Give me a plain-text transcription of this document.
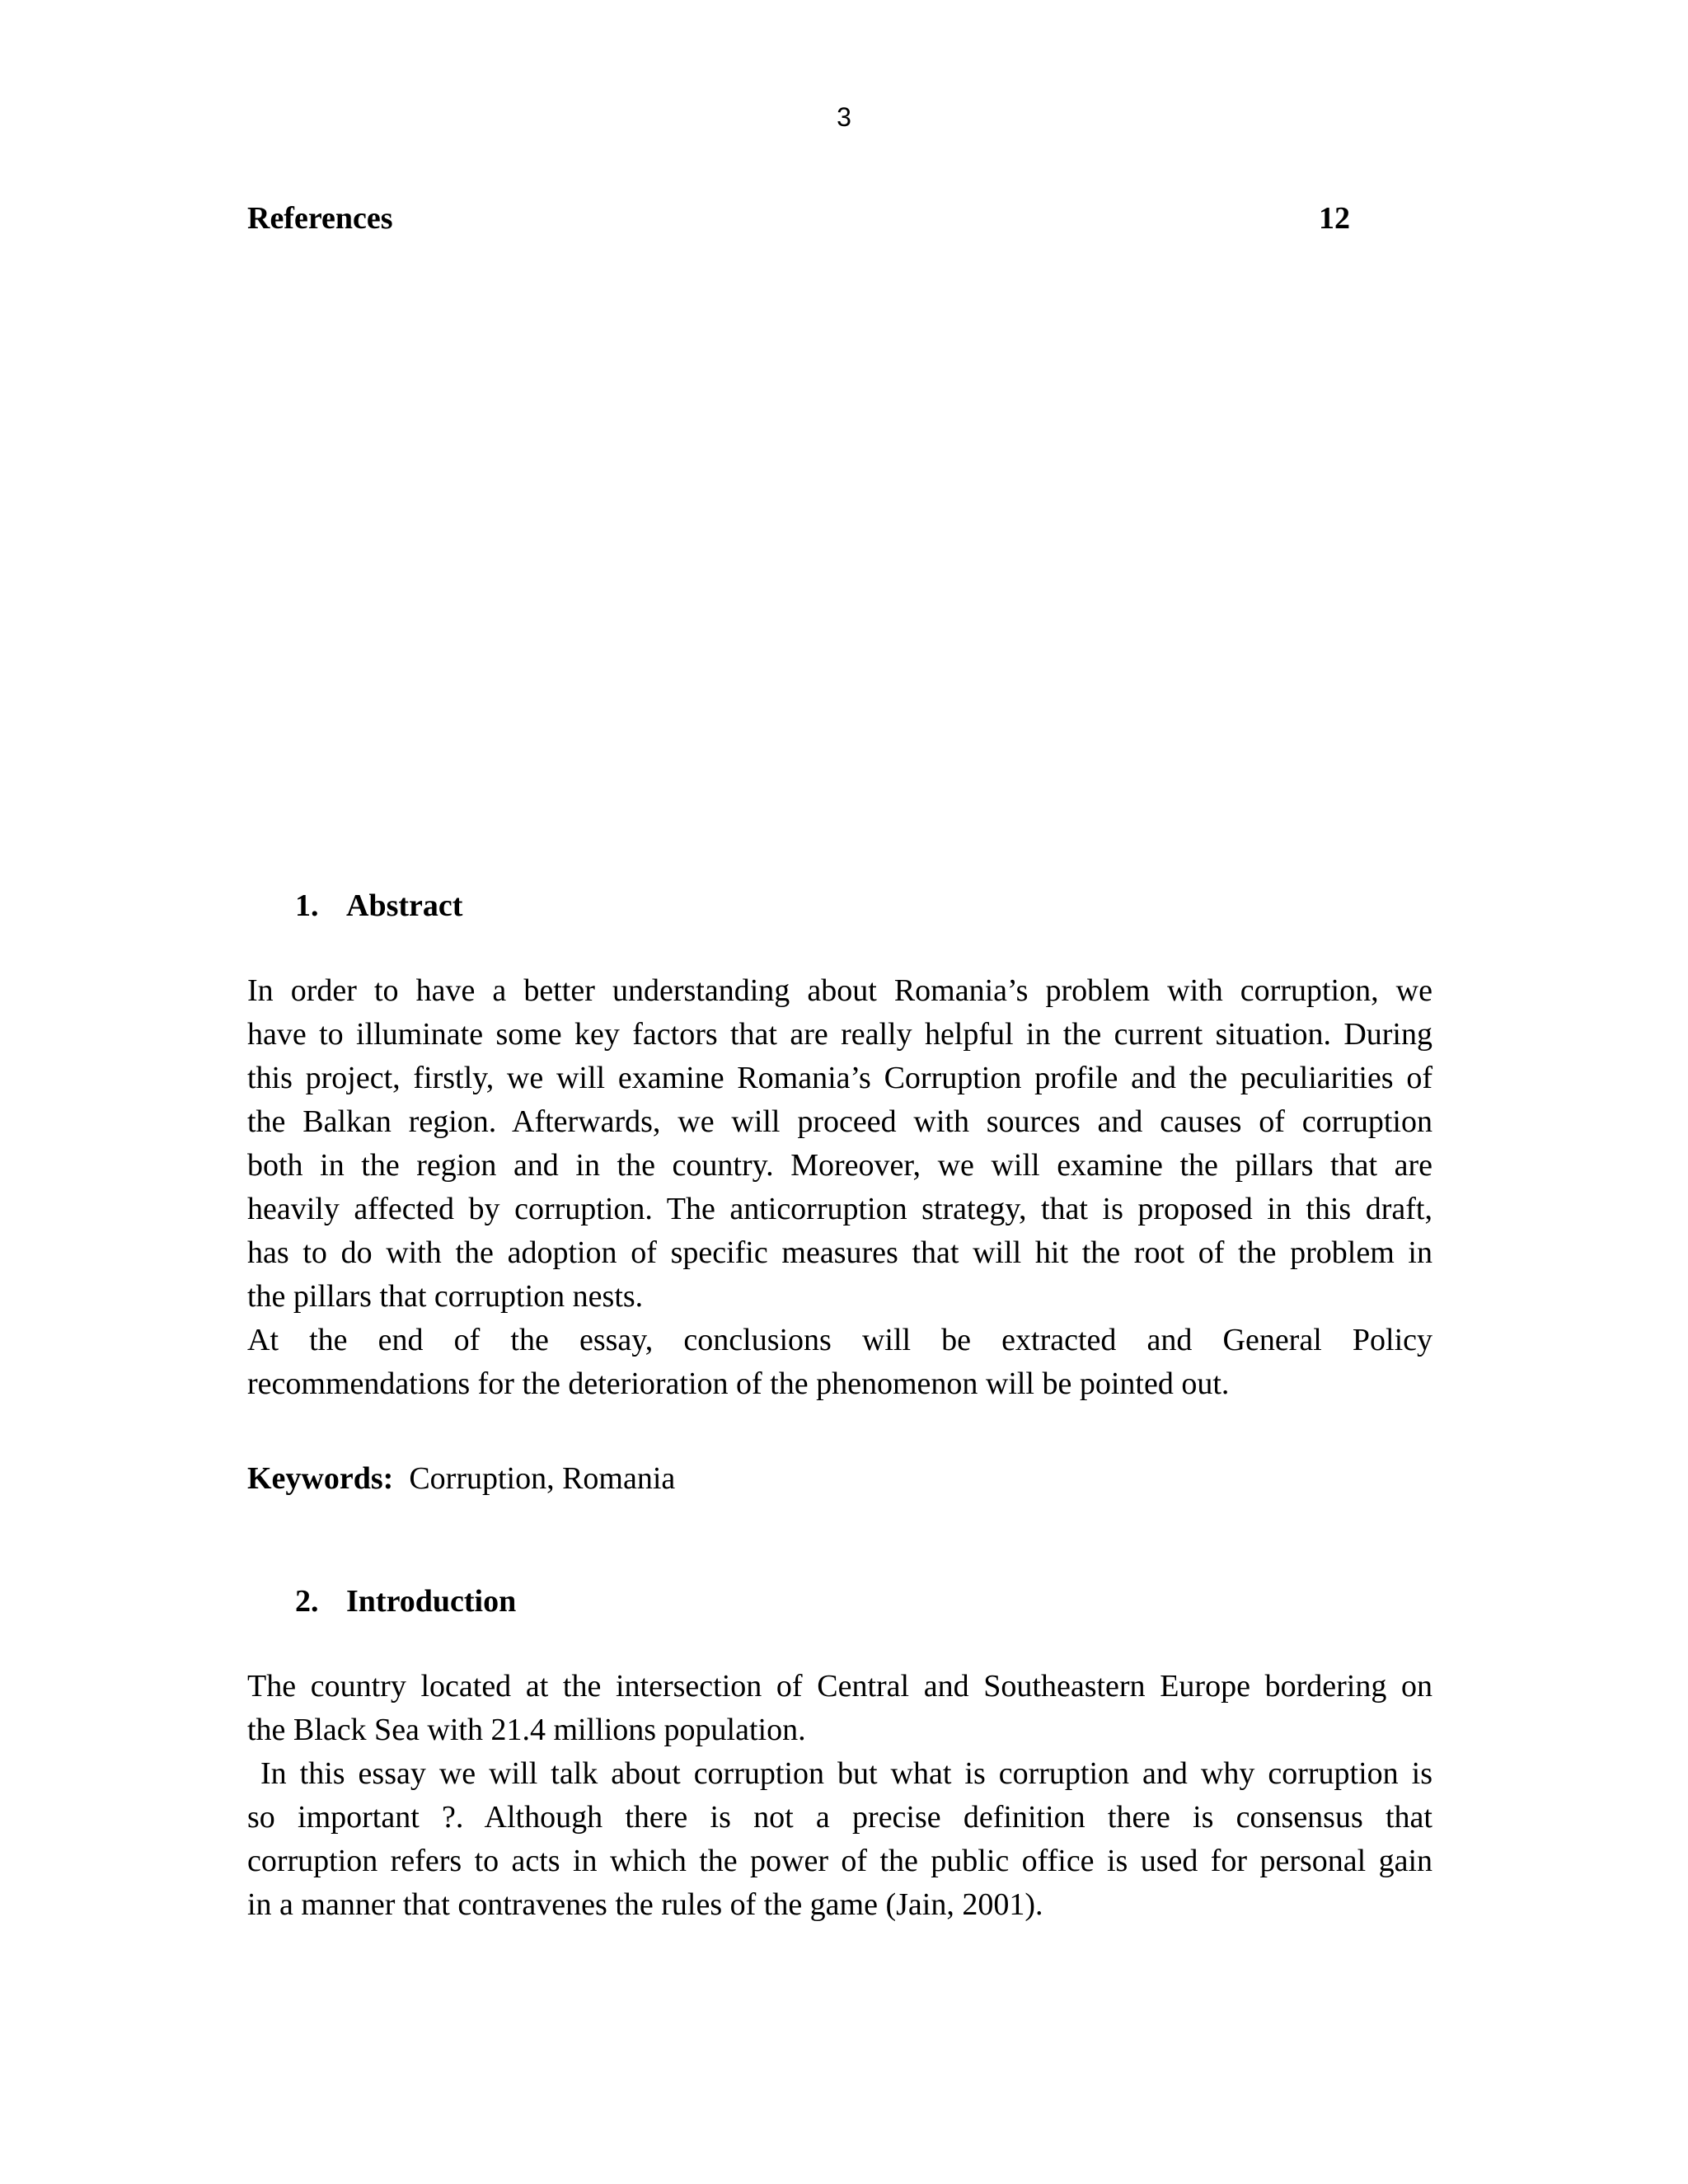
3
References	12
1. Abstract
In order to have a better understanding about Romania’s problem with corruption, we
have to illuminate some key factors that are really helpful in the current situation. During
this project, firstly, we will examine Romania’s Corruption profile and the peculiarities of
the Balkan region. Afterwards, we will proceed with sources and causes of corruption
both in the region and in the country. Moreover, we will examine the pillars that are
heavily affected by corruption. The anticorruption strategy, that is proposed in this draft,
has to do with the adoption of specific measures that will hit the root of the problem in
the pillars that corruption nests.
At the end of the essay, conclusions will be extracted and General Policy
recommendations for the deterioration of the phenomenon will be pointed out.
Keywords: Corruption, Romania
2. Introduction
The country located at the intersection of Central and Southeastern Europe bordering on
the Black Sea with 21.4 millions population.
In this essay we will talk about corruption but what is corruption and why corruption is
so important ?. Although there is not a precise definition there is consensus that
corruption refers to acts in which the power of the public office is used for personal gain
in a manner that contravenes the rules of the game (Jain, 2001).
